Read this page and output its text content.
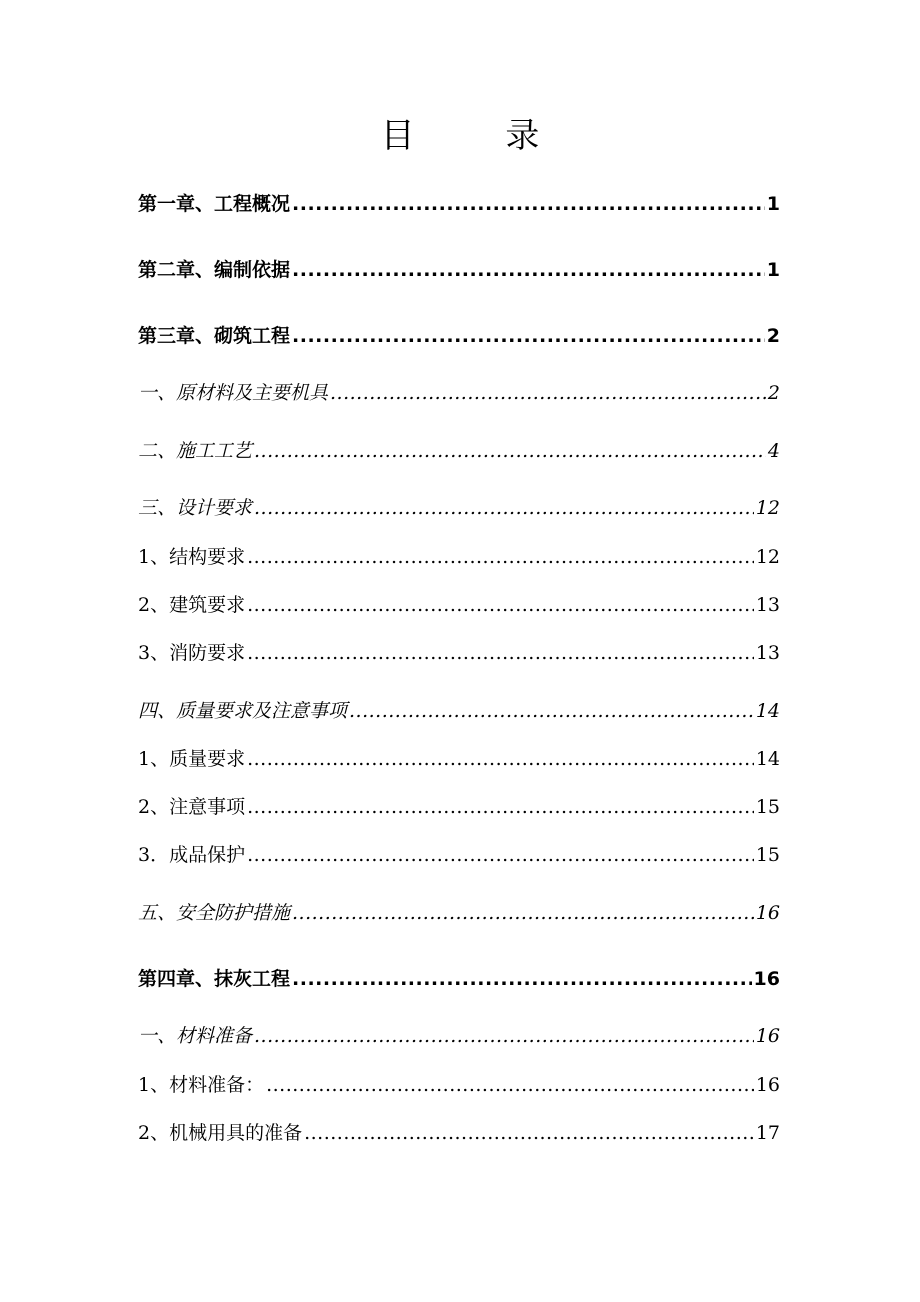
目 录
第一章、工程概况 .....	1
第二章、编制依据 .....	1
第三章、砌筑工程 .....	2
一、原材料及主要机具 .....	2
二、施工工艺 .....	4
三、设计要求 .....	12
1、结构要求 .....	12
2、建筑要求 .....	13
3、消防要求 .....	13
四、质量要求及注意事项 .....	14
1、质量要求 .....	14
2、注意事项 .....	15
3．成品保护 .....	15
五、安全防护措施 .....	16
第四章、抹灰工程 .....	16
一、材料准备 .....	16
1、材料准备： .....	16
2、机械用具的准备 .....	17
